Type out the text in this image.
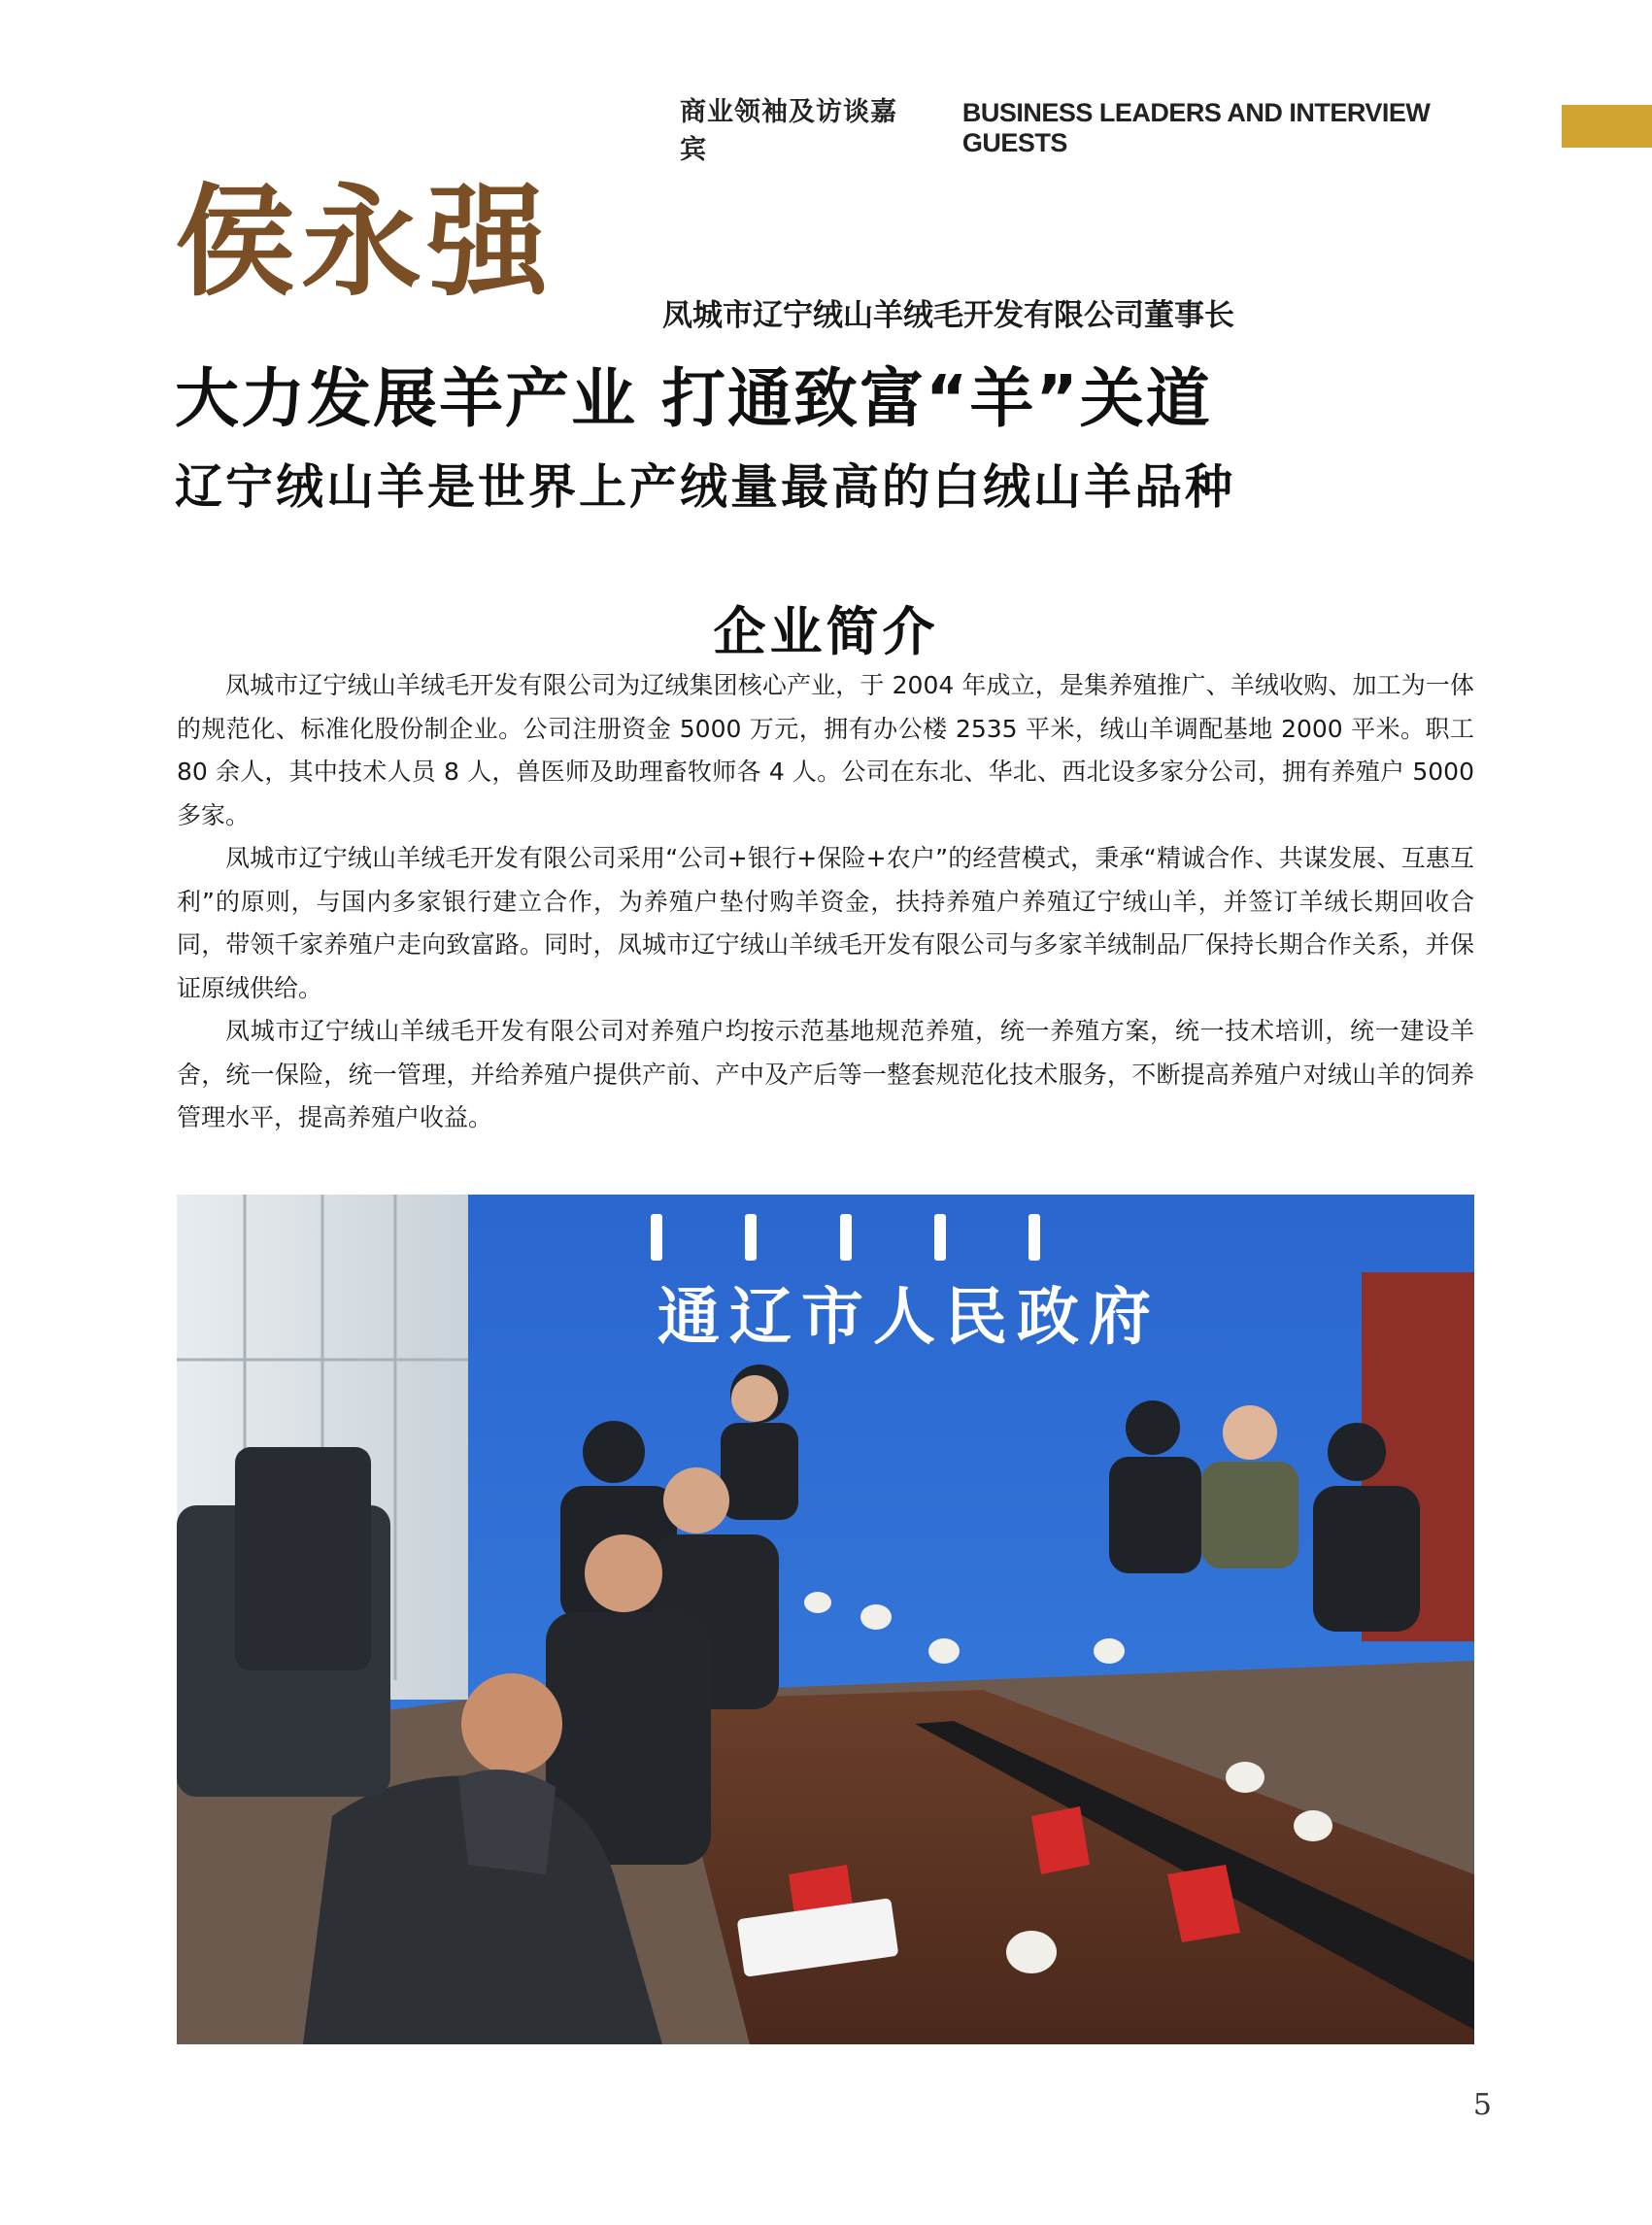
商业领袖及访谈嘉宾
BUSINESS LEADERS AND INTERVIEW GUESTS
侯永强
凤城市辽宁绒山羊绒毛开发有限公司董事长
大力发展羊产业 打通致富“羊”关道
辽宁绒山羊是世界上产绒量最高的白绒山羊品种
企业简介

凤城市辽宁绒山羊绒毛开发有限公司为辽绒集团核心产业，于 2004 年成立，是集养殖推广、羊绒收购、加工为一体的规范化、标准化股份制企业。公司注册资金 5000 万元，拥有办公楼 2535 平米，绒山羊调配基地 2000 平米。职工 80 余人，其中技术人员 8 人，兽医师及助理畜牧师各 4 人。公司在东北、华北、西北设多家分公司，拥有养殖户 5000 多家。

凤城市辽宁绒山羊绒毛开发有限公司采用“公司+银行+保险+农户”的经营模式，秉承“精诚合作、共谋发展、互惠互利”的原则，与国内多家银行建立合作，为养殖户垫付购羊资金，扶持养殖户养殖辽宁绒山羊，并签订羊绒长期回收合同，带领千家养殖户走向致富路。同时，凤城市辽宁绒山羊绒毛开发有限公司与多家羊绒制品厂保持长期合作关系，并保证原绒供给。

凤城市辽宁绒山羊绒毛开发有限公司对养殖户均按示范基地规范养殖，统一养殖方案，统一技术培训，统一建设羊舍，统一保险，统一管理，并给养殖户提供产前、产中及产后等一整套规范化技术服务，不断提高养殖户对绒山羊的饲养管理水平，提高养殖户收益。

通辽市人民政府
5
